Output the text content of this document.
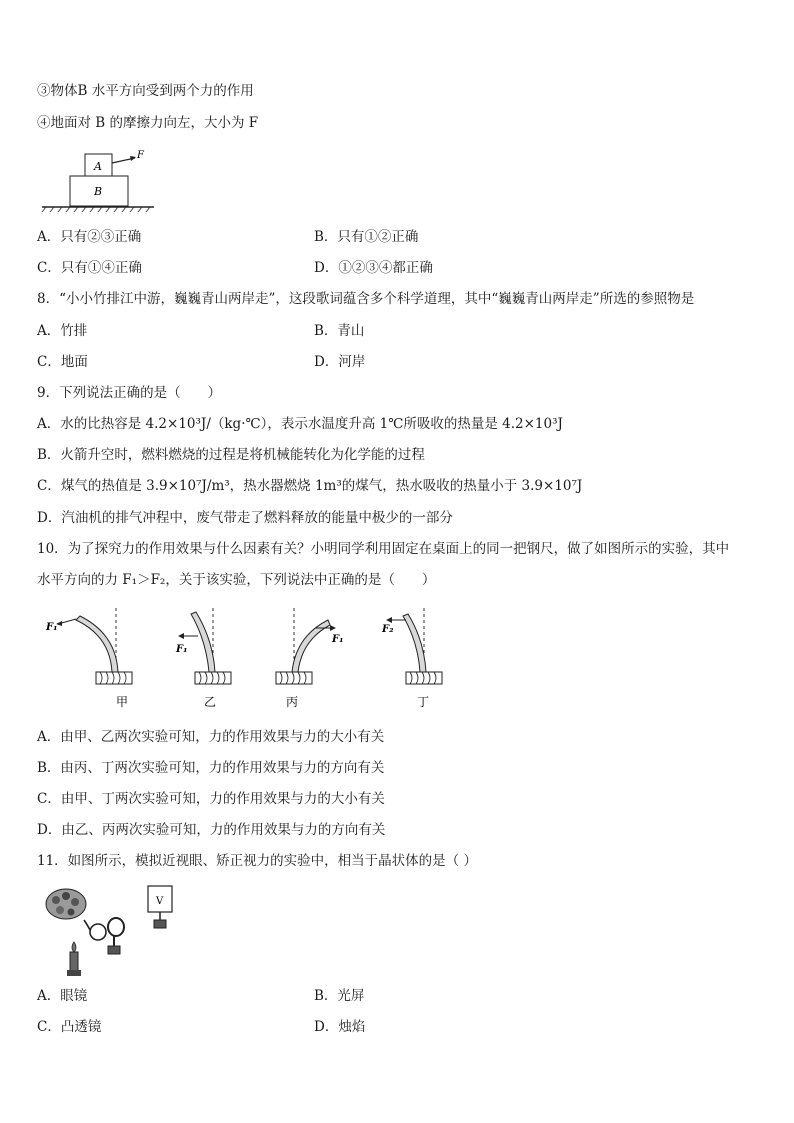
③物体B 水平方向受到两个力的作用
④地面对 B 的摩擦力向左，大小为 F
A
B
F
A．只有②③正确	B．只有①②正确
C．只有①④正确	D．①②③④都正确
8．“小小竹排江中游，巍巍青山两岸走”，这段歌词蕴含多个科学道理，其中“巍巍青山两岸走”所选的参照物是
A．竹排	B．青山
C．地面	D．河岸
9．下列说法正确的是（　　）
A．水的比热容是 4.2×10³J/（kg·℃），表示水温度升高 1℃所吸收的热量是 4.2×10³J
B．火箭升空时，燃料燃烧的过程是将机械能转化为化学能的过程
C．煤气的热值是 3.9×10⁷J/m³，热水器燃烧 1m³的煤气，热水吸收的热量小于 3.9×10⁷J
D．汽油机的排气冲程中，废气带走了燃料释放的能量中极少的一部分
10．为了探究力的作用效果与什么因素有关？小明同学利用固定在桌面上的同一把钢尺，做了如图所示的实验，其中
水平方向的力 F₁＞F₂，关于该实验，下列说法中正确的是（　　）
F₁
F₁
F₁
F₂
甲	乙	丙	丁
A．由甲、乙两次实验可知，力的作用效果与力的大小有关
B．由丙、丁两次实验可知，力的作用效果与力的方向有关
C．由甲、丁两次实验可知，力的作用效果与力的大小有关
D．由乙、丙两次实验可知，力的作用效果与力的方向有关
11．如图所示，模拟近视眼、矫正视力的实验中，相当于晶状体的是（ ）
V
A．眼镜	B．光屏
C．凸透镜	D．烛焰
